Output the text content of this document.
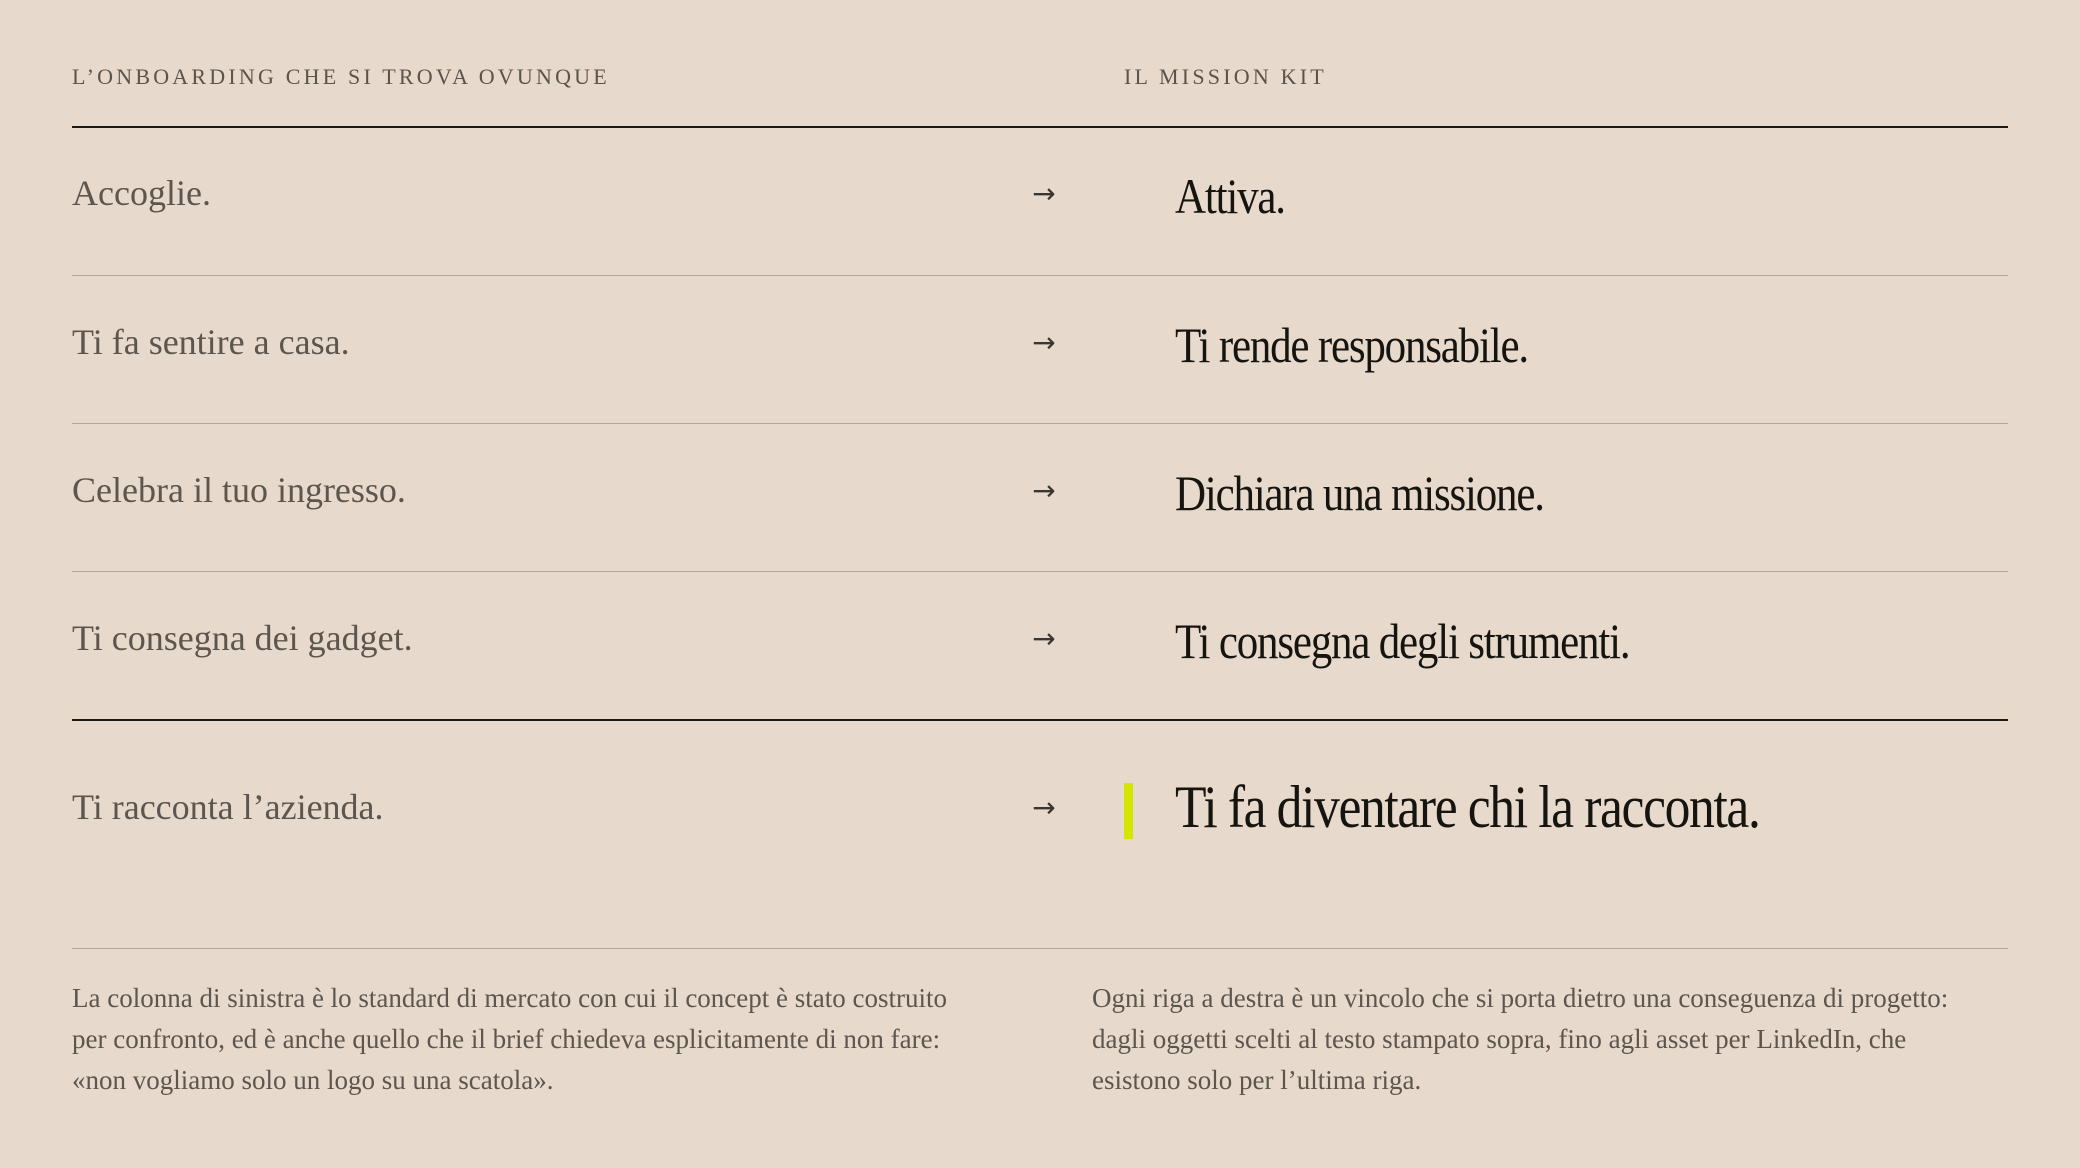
L’ONBOARDING CHE SI TROVA OVUNQUE	IL MISSION KIT
Accoglie.	→ Attiva.
Ti fa sentire a casa.	→ Ti rende responsabile.
Celebra il tuo ingresso.	→ Dichiara una missione.
Ti consegna dei gadget.	→ Ti consegna degli strumenti.
Ti racconta l’azienda.	→ Ti fa diventare chi la racconta.

La colonna di sinistra è lo standard di mercato con cui il concept è stato costruito per confronto, ed è anche quello che il brief chiedeva esplicitamente di non fare: «non vogliamo solo un logo su una scatola».

Ogni riga a destra è un vincolo che si porta dietro una conseguenza di progetto: dagli oggetti scelti al testo stampato sopra, fino agli asset per LinkedIn, che esistono solo per l’ultima riga.
